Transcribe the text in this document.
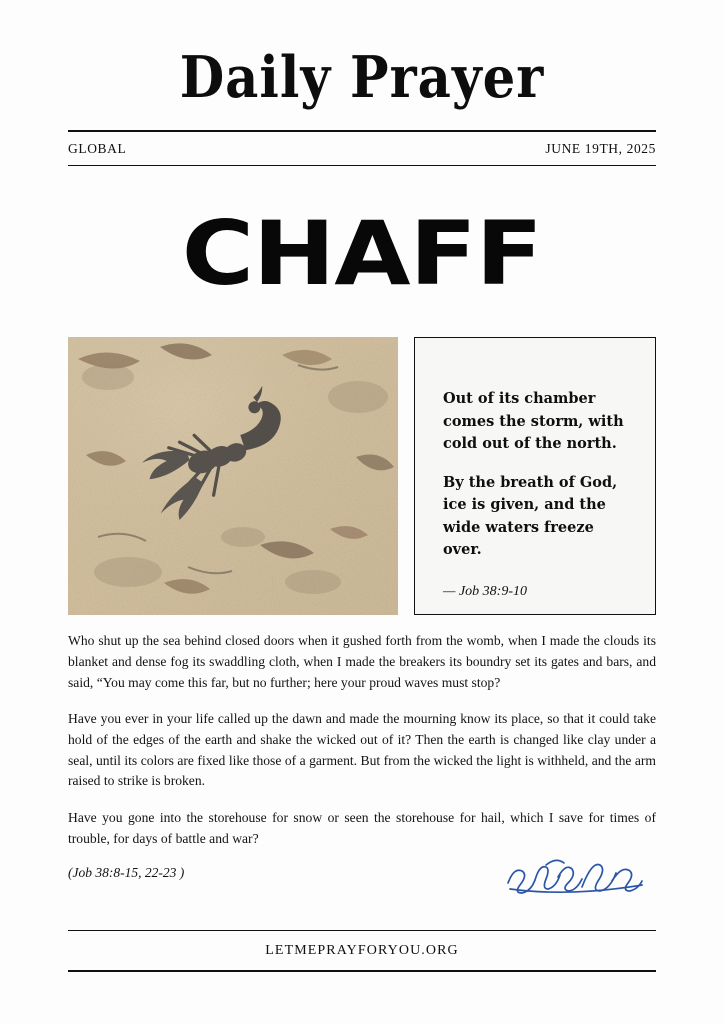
Daily Prayer
GLOBAL	JUNE 19TH, 2025
CHAFF

Out of its chamber comes the storm, with cold out of the north.

By the breath of God, ice is given, and the wide waters freeze over.

— Job 38:9-10

Who shut up the sea behind closed doors when it gushed forth from the womb, when I made the clouds its blanket and dense fog its swaddling cloth, when I made the breakers its boundry set its gates and bars, and said, “You may come this far, but no further; here your proud waves must stop?

Have you ever in your life called up the dawn and made the mourning know its place, so that it could take hold of the edges of the earth and shake the wicked out of it? Then the earth is changed like clay under a seal, until its colors are fixed like those of a garment. But from the wicked the light is withheld, and the arm raised to strike is broken.

Have you gone into the storehouse for snow or seen the storehouse for hail, which I save for times of trouble, for days of battle and war?

(Job 38:8-15, 22-23 )
LETMEPRAYFORYOU.ORG
